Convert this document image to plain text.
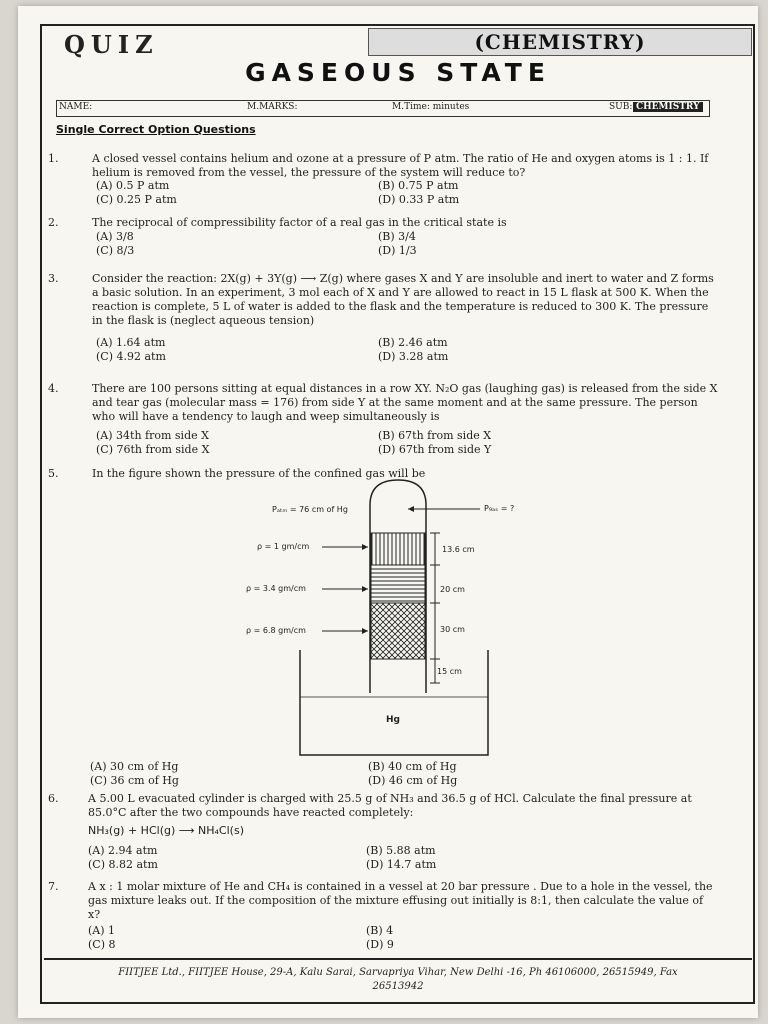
QUIZ	(CHEMISTRY)
GASEOUS STATE
NAME:	M.MARKS:	M.Time: minutes	SUB: CHEMISTRY
Single Correct Option Questions
1.	A closed vessel contains helium and ozone at a pressure of P atm. The ratio of He and oxygen atoms is 1 : 1. If helium is removed from the vessel, the pressure of the system will reduce to?
(A) 0.5 P atm	(B) 0.75 P atm
(C) 0.25 P atm	(D) 0.33 P atm
2.	The reciprocal of compressibility factor of a real gas in the critical state is
(A) 3/8	(B) 3/4
(C) 8/3	(D) 1/3
3.	Consider the reaction: 2X(g) + 3Y(g) ⟶ Z(g) where gases X and Y are insoluble and inert to water and Z forms a basic solution. In an experiment, 3 mol each of X and Y are allowed to react in 15 L flask at 500 K. When the reaction is complete, 5 L of water is added to the flask and the temperature is reduced to 300 K. The pressure in the flask is (neglect aqueous tension)
(A) 1.64 atm	(B) 2.46 atm
(C) 4.92 atm	(D) 3.28 atm
4.	There are 100 persons sitting at equal distances in a row XY. N₂O gas (laughing gas) is released from the side X and tear gas (molecular mass = 176) from side Y at the same moment and at the same pressure. The person who will have a tendency to laugh and weep simultaneously is
(A) 34th from side X	(B) 67th from side X
(C) 76th from side X	(D) 67th from side Y
5.	In the figure shown the pressure of the confined gas will be
Pₐₜₘ = 76 cm of Hg	P₉ₐₛ = ?
ρ = 1 gm/cm
ρ = 3.4 gm/cm
ρ = 6.8 gm/cm
13.6 cm
20 cm
30 cm
15 cm
Hg
(A) 30 cm of Hg	(B) 40 cm of Hg
(C) 36 cm of Hg	(D) 46 cm of Hg
6.	A 5.00 L evacuated cylinder is charged with 25.5 g of NH₃ and 36.5 g of HCl. Calculate the final pressure at 85.0°C after the two compounds have reacted completely:
NH₃(g) + HCl(g) ⟶ NH₄Cl(s)
(A) 2.94 atm	(B) 5.88 atm
(C) 8.82 atm	(D) 14.7 atm
7.	A x : 1 molar mixture of He and CH₄ is contained in a vessel at 20 bar pressure . Due to a hole in the vessel, the gas mixture leaks out. If the composition of the mixture effusing out initially is 8:1, then calculate the value of x?
(A) 1	(B) 4
(C) 8	(D) 9
FIITJEE Ltd., FIITJEE House, 29-A, Kalu Sarai, Sarvapriya Vihar, New Delhi -16, Ph 46106000, 26515949, Fax
26513942
